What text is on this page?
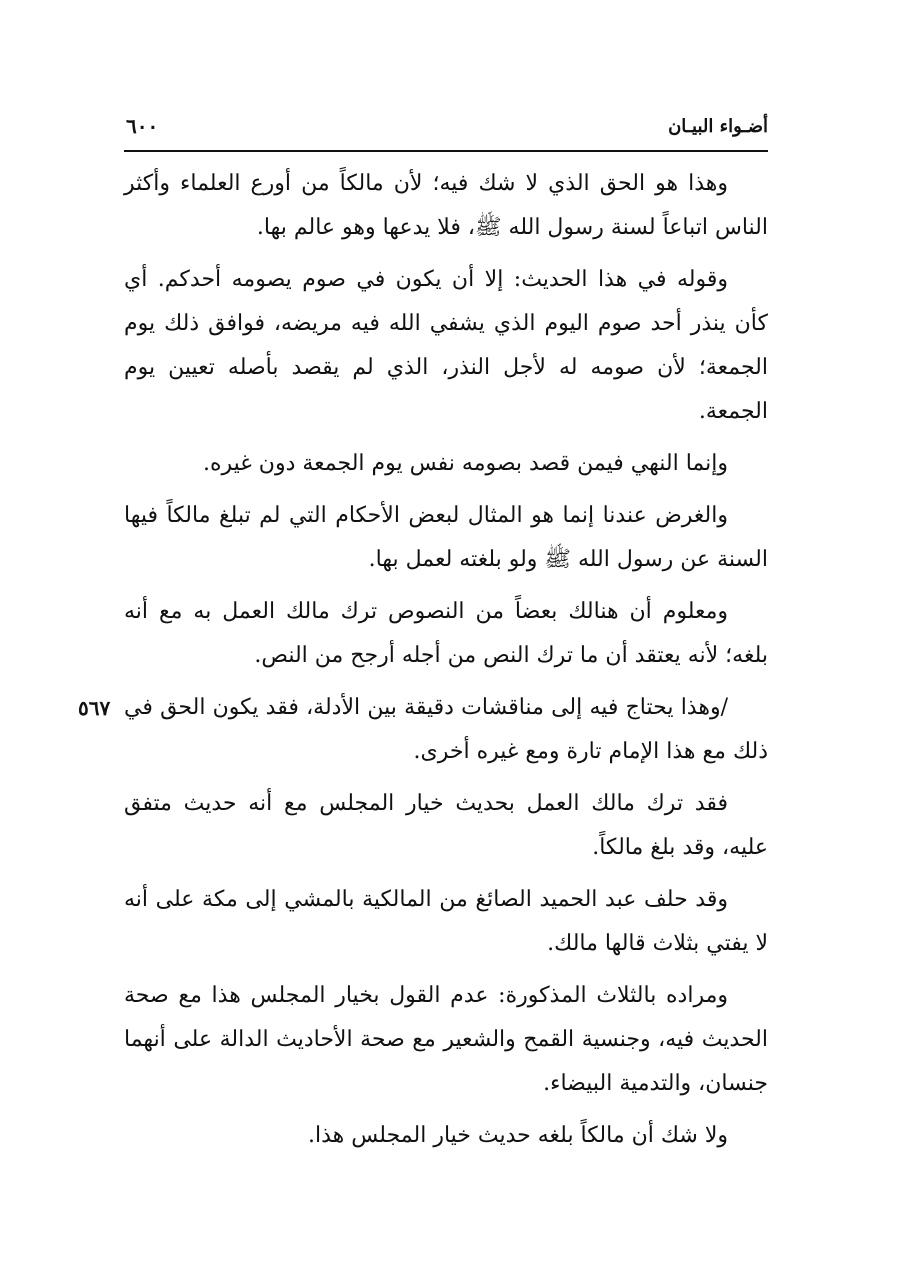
أضـواء البيـان
٦٠٠

وهذا هو الحق الذي لا شك فيه؛ لأن مالكاً من أورع العلماء وأكثر الناس اتباعاً لسنة رسول الله ﷺ، فلا يدعها وهو عالم بها.

وقوله في هذا الحديث: إلا أن يكون في صوم يصومه أحدكم. أي كأن ينذر أحد صوم اليوم الذي يشفي الله فيه مريضه، فوافق ذلك يوم الجمعة؛ لأن صومه له لأجل النذر، الذي لم يقصد بأصله تعيين يوم الجمعة.

وإنما النهي فيمن قصد بصومه نفس يوم الجمعة دون غيره.

والغرض عندنا إنما هو المثال لبعض الأحكام التي لم تبلغ مالكاً فيها السنة عن رسول الله ﷺ ولو بلغته لعمل بها.

ومعلوم أن هنالك بعضاً من النصوص ترك مالك العمل به مع أنه بلغه؛ لأنه يعتقد أن ما ترك النص من أجله أرجح من النص.

٥٦٧ /وهذا يحتاج فيه إلى مناقشات دقيقة بين الأدلة، فقد يكون الحق في ذلك مع هذا الإمام تارة ومع غيره أخرى.

فقد ترك مالك العمل بحديث خيار المجلس مع أنه حديث متفق عليه، وقد بلغ مالكاً.

وقد حلف عبد الحميد الصائغ من المالكية بالمشي إلى مكة على أنه لا يفتي بثلاث قالها مالك.

ومراده بالثلاث المذكورة: عدم القول بخيار المجلس هذا مع صحة الحديث فيه، وجنسية القمح والشعير مع صحة الأحاديث الدالة على أنهما جنسان، والتدمية البيضاء.

ولا شك أن مالكاً بلغه حديث خيار المجلس هذا.
